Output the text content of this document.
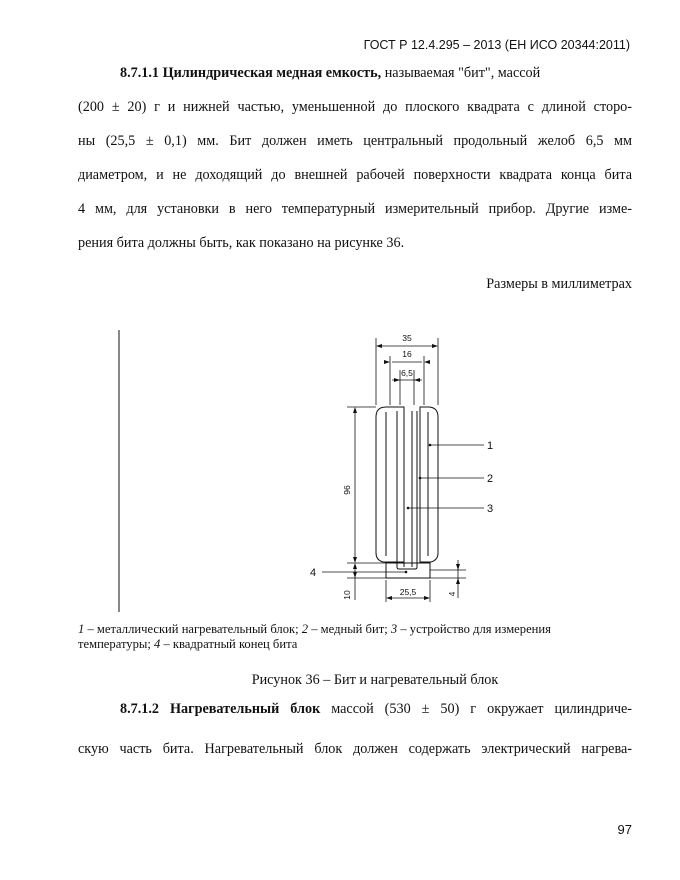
ГОСТ Р 12.4.295 – 2013 (ЕН ИСО 20344:2011)
8.7.1.1 Цилиндрическая медная емкость, называемая "бит", массой
(200 ± 20) г и нижней частью, уменьшенной до плоского квадрата с длиной сторо-
ны (25,5 ± 0,1) мм. Бит должен иметь центральный продольный желоб 6,5 мм
диаметром, и не доходящий до внешней рабочей поверхности квадрата конца бита
4 мм, для установки в него температурный измерительный прибор. Другие изме-
рения бита должны быть, как показано на рисунке 36.
Размеры в миллиметрах
35
16
6,5
96
10	25,5	4
1
2
3
4
1 – металлический нагревательный блок; 2 – медный бит; 3 – устройство для измерения
температуры; 4 – квадратный конец бита
Рисунок 36 – Бит и нагревательный блок
8.7.1.2 Нагревательный блок массой (530 ± 50) г окружает цилиндриче-
скую часть бита. Нагревательный блок должен содержать электрический нагрева-
97
